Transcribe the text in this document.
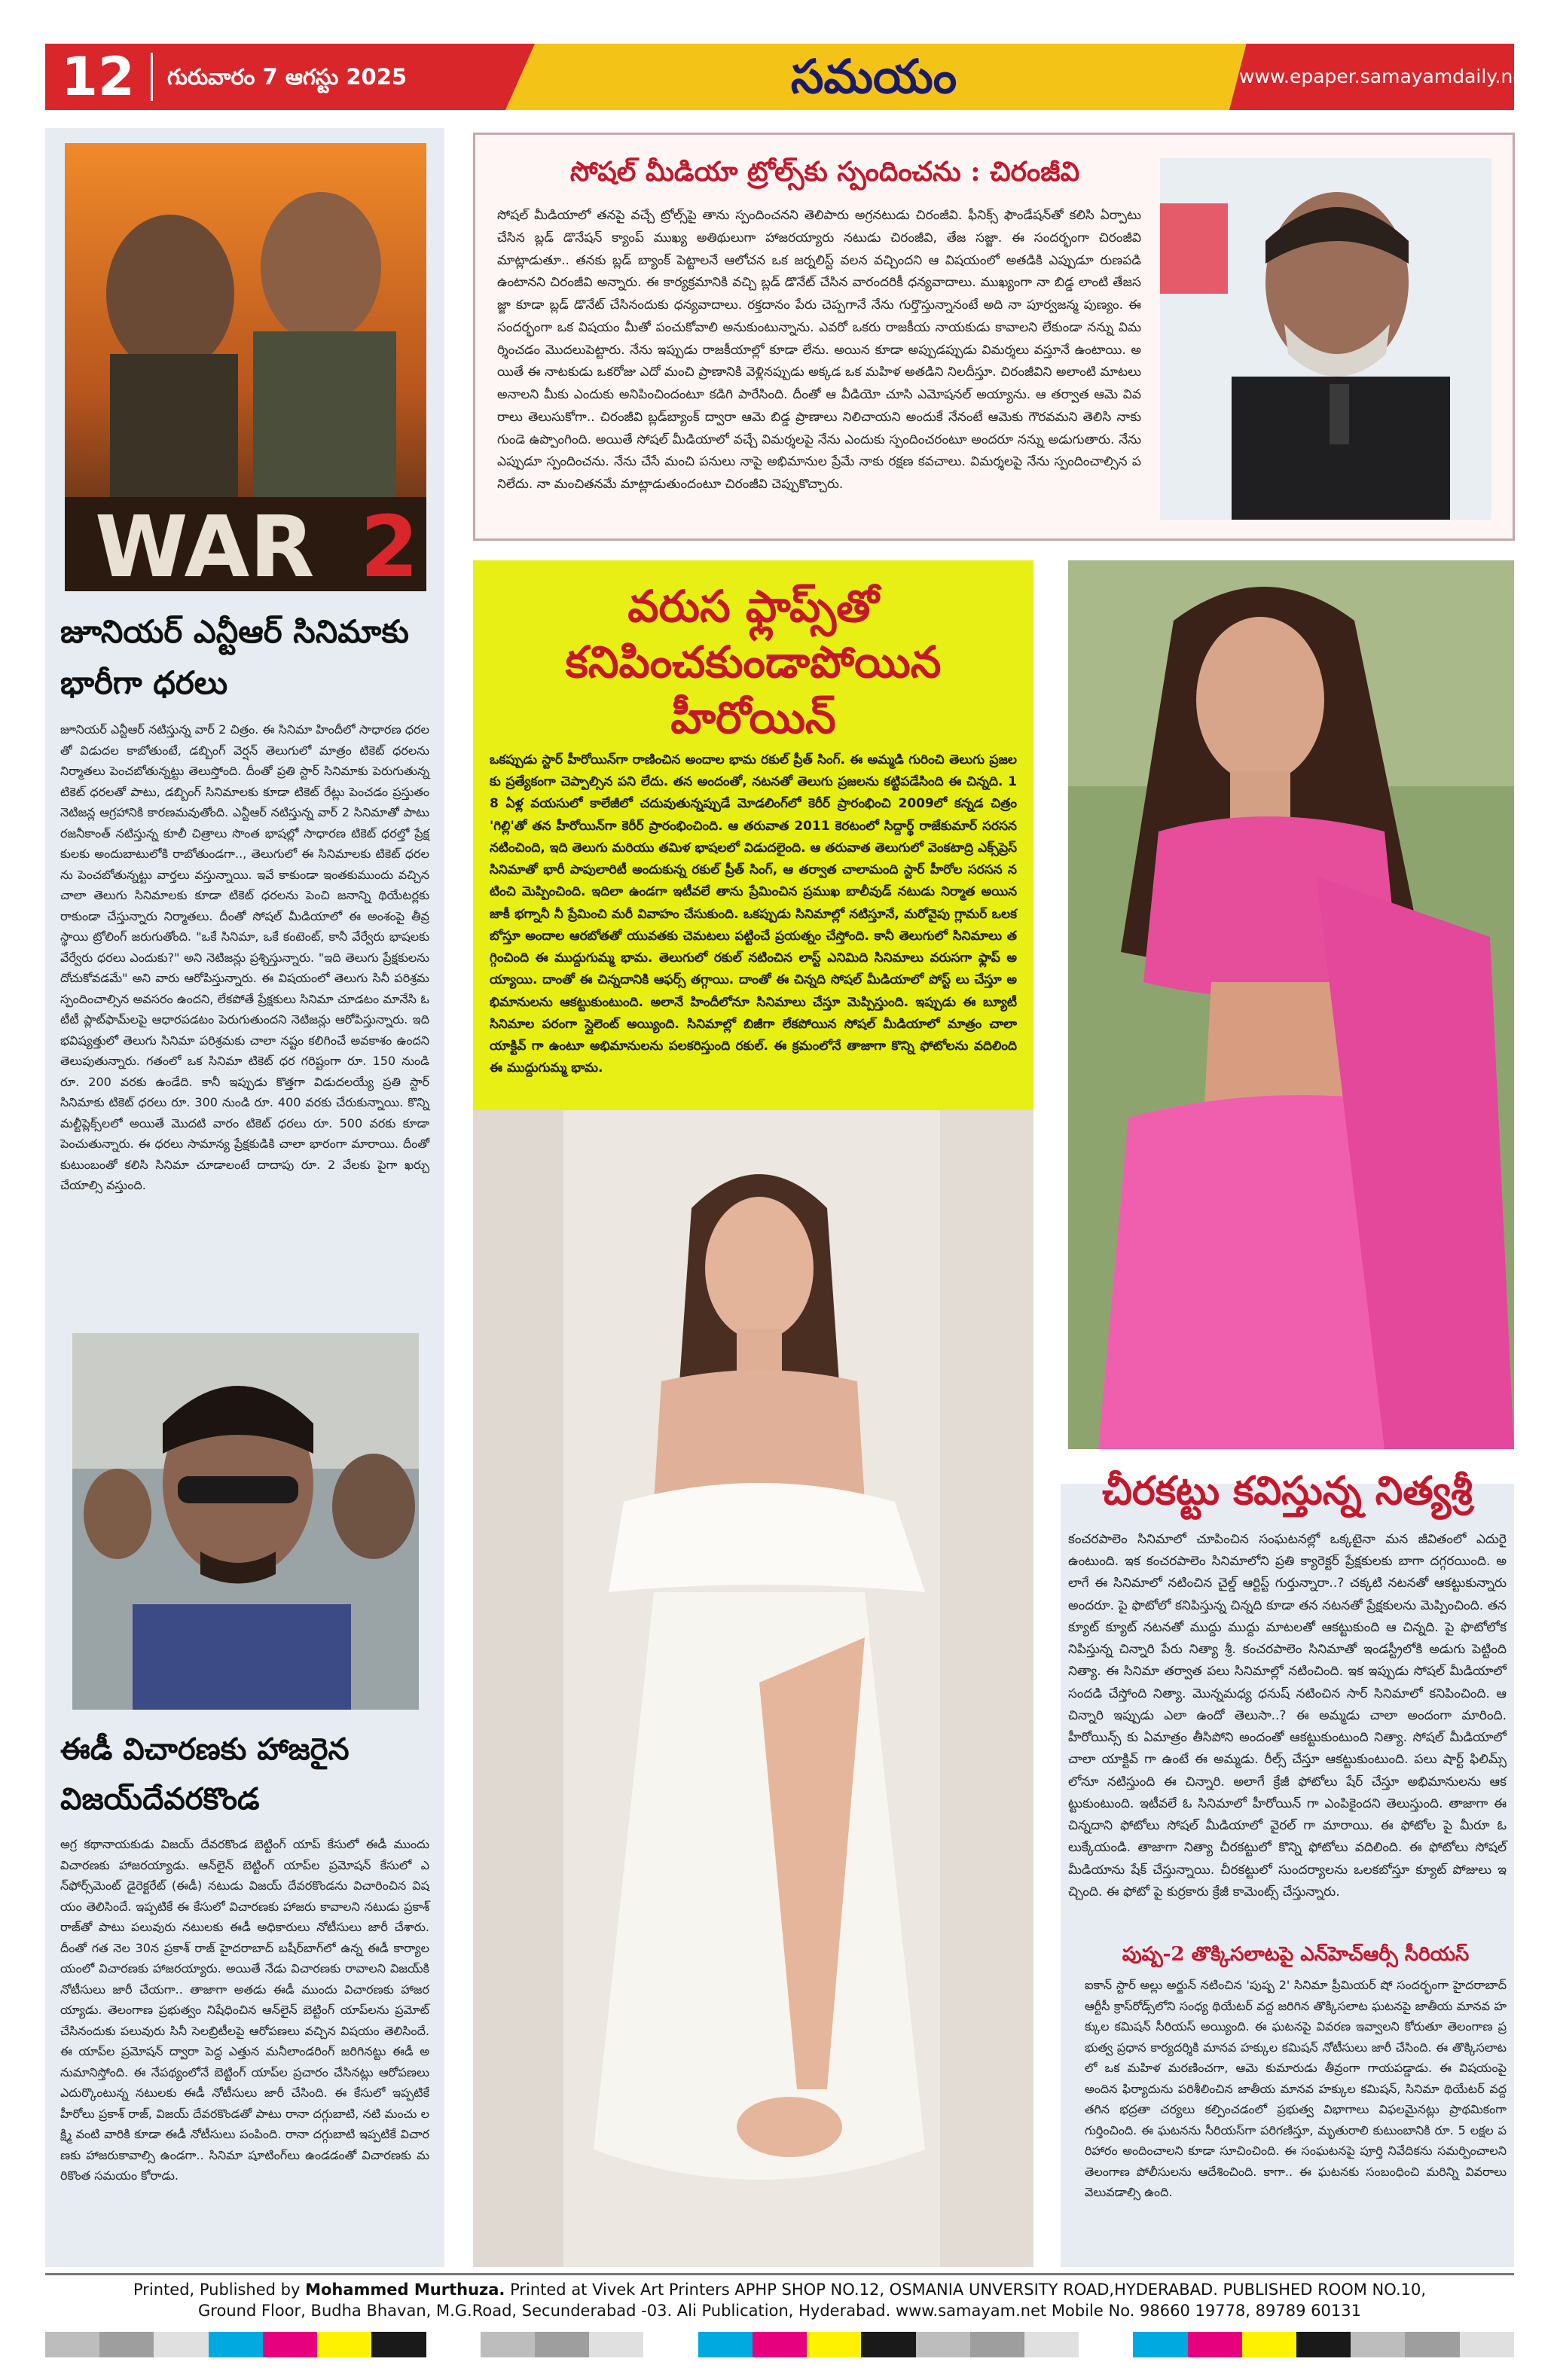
12	గురువారం 7 ఆగస్టు 2025	సమయం	www.epaper.samayamdaily.net
WAR 2
జూనియర్ ఎన్టీఆర్ సినిమాకు భారీగా ధరలు
జూనియర్ ఎన్టీఆర్ నటిస్తున్న వార్ 2 చిత్రం. ఈ సినిమా హిందీలో సాధారణ ధరలతో విడుదల కాబోతుంటే, డబ్బింగ్ వెర్షన్ తెలుగులో మాత్రం టికెట్ ధరలను నిర్మాతలు పెంచబోతున్నట్టు తెలుస్తోంది. దీంతో ప్రతి స్టార్ సినిమాకు పెరుగుతున్న టికెట్ ధరలతో పాటు, డబ్బింగ్ సినిమాలకు కూడా టికెట్ రేట్లు పెంచడం ప్రస్తుతం నెటిజన్ల ఆగ్రహానికి కారణమవుతోంది. ఎన్టీఆర్ నటిస్తున్న వార్ 2 సినిమాతో పాటు రజనీకాంత్ నటిస్తున్న కూలీ చిత్రాలు సొంత భాషల్లో సాధారణ టికెట్ ధరల్తో ప్రేక్షకులకు అందుబాటులోకి రాబోతుండగా.., తెలుగులో ఈ సినిమాలకు టికెట్ ధరలను పెంచబోతున్నట్టు వార్తలు వస్తున్నాయి. ఇవే కాకుండా ఇంతకుముందు వచ్చిన చాలా తెలుగు సినిమాలకు కూడా టికెట్ ధరలను పెంచి జనాన్ని థియేటర్లకు రాకుండా చేస్తున్నారు నిర్మాతలు. దీంతో సోషల్ మీడియాలో ఈ అంశంపై తీవ్రస్థాయి ట్రోలింగ్ జరుగుతోంది. "ఒకే సినిమా, ఒకే కంటెంట్, కానీ వేర్వేరు భాషలకు వేర్వేరు ధరలు ఎందుకు?" అని నెటిజన్లు ప్రశ్నిస్తున్నారు. "ఇది తెలుగు ప్రేక్షకులను దోచుకోవడమే" అని వారు ఆరోపిస్తున్నారు. ఈ విషయంలో తెలుగు సినీ పరిశ్రమ స్పందించాల్సిన అవసరం ఉందని, లేకపోతే ప్రేక్షకులు సినిమా చూడటం మానేసి ఓటీటీ ప్లాట్‌ఫామ్‌లపై ఆధారపడటం పెరుగుతుందని నెటిజన్లు ఆరోపిస్తున్నారు. ఇది భవిష్యత్తులో తెలుగు సినిమా పరిశ్రమకు చాలా నష్టం కలిగించే అవకాశం ఉందని తెలుపుతున్నారు. గతంలో ఒక సినిమా టికెట్ ధర గరిష్టంగా రూ. 150 నుండి రూ. 200 వరకు ఉండేది. కానీ ఇప్పుడు కొత్తగా విడుదలయ్యే ప్రతి స్టార్ సినిమాకు టికెట్ ధరలు రూ. 300 నుండి రూ. 400 వరకు చేరుకున్నాయి. కొన్ని మల్టీప్లెక్స్‌లలో అయితే మొదటి వారం టికెట్ ధరలు రూ. 500 వరకు కూడా పెంచుతున్నారు. ఈ ధరలు సామాన్య ప్రేక్షకుడికి చాలా భారంగా మారాయి. దీంతో కుటుంబంతో కలిసి సినిమా చూడాలంటే దాదాపు రూ. 2 వేలకు పైగా ఖర్చు చేయాల్సి వస్తుంది.
ఈడీ విచారణకు హాజరైన విజయ్‌దేవరకొండ
అగ్ర కథానాయకుడు విజయ్ దేవరకొండ బెట్టింగ్ యాప్ కేసులో ఈడీ ముందు విచారణకు హాజరయ్యాడు. ఆన్‌లైన్ బెట్టింగ్ యాప్‌ల ప్రమోషన్ కేసులో ఎన్‌ఫోర్స్‌మెంట్ డైరెక్టరేట్ (ఈడీ) నటుడు విజయ్ దేవరకొండను విచారించిన విషయం తెలిసిందే. ఇప్పటికే ఈ కేసులో విచారణకు హాజరు కావాలని నటుడు ప్రకాశ్ రాజ్‌తో పాటు పలువురు నటులకు ఈడీ అధికారులు నోటీసులు జారీ చేశారు. దీంతో గత నెల 30న ప్రకాశ్ రాజ్ హైదరాబాద్ బషీర్‌బాగ్‌లో ఉన్న ఈడీ కార్యాలయంలో విచారణకు హాజరయ్యారు. అయితే నేడు విచారణకు రావాలని విజయ్‌కి నోటీసులు జారీ చేయగా.. తాజాగా అతడు ఈడీ ముందు విచారణకు హాజరయ్యాడు. తెలంగాణ ప్రభుత్వం నిషేధించిన ఆన్‌లైన్ బెట్టింగ్ యాప్‌లను ప్రమోట్ చేసినందుకు పలువురు సినీ సెలబ్రిటీలపై ఆరోపణలు వచ్చిన విషయం తెలిసిందే. ఈ యాప్‌ల ప్రమోషన్ ద్వారా పెద్ద ఎత్తున మనీలాండరింగ్ జరిగినట్టు ఈడీ అనుమానిస్తోంది. ఈ నేపథ్యంలోనే బెట్టింగ్ యాప్‌ల ప్రచారం చేసినట్లు ఆరోపణలు ఎదుర్కొంటున్న నటులకు ఈడీ నోటీసులు జారీ చేసింది. ఈ కేసులో ఇప్పటికే హీరోలు ప్రకాశ్ రాజ్, విజయ్ దేవరకొండతో పాటు రానా దగ్గుబాటి, నటి మంచు లక్ష్మి వంటి వారికి కూడా ఈడీ నోటీసులు పంపింది. రానా దగ్గుబాటి ఇప్పటికే విచారణకు హాజరుకావాల్సి ఉండగా.. సినిమా షూటింగ్‌లు ఉండడంతో విచారణకు మరికొంత సమయం కోరాడు.
సోషల్ మీడియా ట్రోల్స్‌కు స్పందించను : చిరంజీవి
సోషల్ మీడియాలో తనపై వచ్చే ట్రోల్స్‌పై తాను స్పందించనని తెలిపారు అగ్రనటుడు చిరంజీవి. ఫీనిక్స్ ఫౌండేషన్‌తో కలిసి ఏర్పాటు చేసిన బ్లడ్ డొనేషన్ క్యాంప్‌ ముఖ్య అతిథులుగా హాజరయ్యారు నటుడు చిరంజీవి, తేజ సజ్జా. ఈ సందర్భంగా చిరంజీవి మాట్లాడుతూ.. తనకు బ్లడ్ బ్యాంక్ పెట్టాలనే ఆలోచన ఒక జర్నలిస్ట్ వలన వచ్చిందని ఆ విషయంలో అతడికి ఎప్పుడూ రుణపడి ఉంటానని చిరంజీవి అన్నారు. ఈ కార్యక్రమానికి వచ్చి బ్లడ్ డొనేట్ చేసిన వారందరికీ ధన్యవాదాలు. ముఖ్యంగా నా బిడ్డ లాంటి తేజసజ్జా కూడా బ్లడ్ డొనేట్ చేసినందుకు ధన్యవాదాలు. రక్తదానం పేరు చెప్పగానే నేను గుర్తొస్తున్నానంటే అది నా పూర్వజన్మ పుణ్యం. ఈ సందర్భంగా ఒక విషయం మీతో పంచుకోవాలి అనుకుంటున్నాను. ఎవరో ఒకరు రాజకీయ నాయకుడు కావాలని లేకుండా నన్ను విమర్శించడం మొదలుపెట్టారు. నేను ఇప్పుడు రాజకీయాల్లో కూడా లేను. అయిన కూడా అప్పుడప్పుడు విమర్శలు వస్తూనే ఉంటాయి. అయితే ఈ నాటకుడు ఒకరోజు ఎదో మంచి ప్రాణానికి వెళ్లినప్పుడు అక్కడ ఒక మహిళ అతడిని నిలదీస్తూ. చిరంజీవిని అలాంటి మాటలు అనాలని మీకు ఎందుకు అనిపించిందంటూ కడిగి పారేసింది. దీంతో ఆ వీడియో చూసి ఎమోషనల్ అయ్యాను. ఆ తర్వాత ఆమె వివరాలు తెలుసుకోగా.. చిరంజీవి బ్లడ్‌బ్యాంక్ ద్వారా ఆమె బిడ్డ ప్రాణాలు నిలిచాయని అందుకే నేనంటే ఆమెకు గౌరవమని తెలిసి నాకు గుండె ఉప్పొంగింది. అయితే సోషల్ మీడియాలో వచ్చే విమర్శలపై నేను ఎందుకు స్పందించరంటూ అందరూ నన్ను అడుగుతారు. నేను ఎప్పుడూ స్పందించను. నేను చేసే మంచి పనులు నాపై అభిమానుల ప్రేమే నాకు రక్షణ కవచాలు. విమర్శలపై నేను స్పందించాల్సిన పనిలేదు. నా మంచితనమే మాట్లాడుతుందంటూ చిరంజీవి చెప్పుకొచ్చారు.
వరుస ఫ్లాప్స్‌తో కనిపించకుండాపోయిన హీరోయిన్
ఒకప్పుడు స్టార్ హీరోయిన్‌గా రాణించిన అందాల భామ రకుల్ ప్రీత్ సింగ్. ఈ అమ్మడి గురించి తెలుగు ప్రజలకు ప్రత్యేకంగా చెప్పాల్సిన పని లేదు. తన అందంతో, నటనతో తెలుగు ప్రజలను కట్టిపడేసింది ఈ చిన్నది. 18 ఏళ్ల వయసులో కాలేజీలో చదువుతున్నప్పుడే మోడలింగ్‌లో కెరీర్ ప్రారంభించి 2009లో కన్నడ చిత్రం 'గిల్లి'తో తన హీరోయిన్‌గా కెరీర్ ప్రారంభించింది. ఆ తరువాత 2011 కెరటంలో సిద్దార్థ్ రాజేకుమార్ సరసన నటించింది, ఇది తెలుగు మరియు తమిళ భాషలలో విడుదలైంది. ఆ తరువాత తెలుగులో వెంకటాద్రి ఎక్స్‌ప్రెస్ సినిమాతో భారీ పాపులారిటీ అందుకున్న రకుల్ ప్రీత్ సింగ్, ఆ తర్వాత చాలామంది స్టార్ హీరోల సరసన నటించి మెప్పించింది. ఇదిలా ఉండగా ఇటీవలే తాను ప్రేమించిన ప్రముఖ బాలీవుడ్ నటుడు నిర్మాత అయిన జాకీ భగ్నానీ నీ ప్రేమించి మరీ వివాహం చేసుకుంది. ఒకప్పుడు సినిమాల్లో నటిస్తూనే, మరోవైపు గ్లామర్ ఒలకబోస్తూ అందాల ఆరబోతతో యువతకు చెమటలు పట్టించే ప్రయత్నం చేస్తోంది. కానీ తెలుగులో సినిమాలు తగ్గించింది ఈ ముద్దుగుమ్మ భామ. తెలుగులో రకుల్ నటించిన లాస్ట్ ఎనిమిది సినిమాలు వరుసగా ఫ్లాప్ అయ్యాయి. దాంతో ఈ చిన్నదానికి ఆఫర్స్ తగ్గాయి. దాంతో ఈ చిన్నది సోషల్ మీడియాలో పోస్ట్ లు చేస్తూ అభిమానులను ఆకట్టుకుంటుంది. అలానే హిందీలోనూ సినిమాలు చేస్తూ మెప్పిస్తుంది. ఇప్పుడు ఈ బ్యూటీ సినిమాల పరంగా స్లైలెంట్ అయ్యింది. సినిమాల్లో బిజీగా లేకపోయిన సోషల్ మీడియాలో మాత్రం చాలా యాక్టివ్ గా ఉంటూ అభిమానులను పలకరిస్తుంది రకుల్. ఈ క్రమంలోనే తాజాగా కొన్ని ఫోటోలను వదిలింది ఈ ముద్దుగుమ్మ భామ.
చీరకట్టు కవిస్తున్న నిత్యశ్రీ
కంచరపాలెం సినిమాలో చూపించిన సంఘటనల్లో ఒక్కటైనా మన జీవితంలో ఎదురై ఉంటుంది. ఇక కంచరపాలెం సినిమాలోని ప్రతి క్యారెక్టర్ ప్రేక్షకులకు బాగా దగ్గరయింది. అలాగే ఈ సినిమాలో నటించిన చైల్డ్ ఆర్టిస్ట్ గుర్తున్నారా..? చక్కటి నటనతో ఆకట్టుకున్నారు అందరూ. పై ఫొటోలో కనిపిస్తున్న చిన్నది కూడా తన నటనతో ప్రేక్షకులను మెప్పించింది. తన క్యూట్ క్యూట్ నటనతో ముద్దు ముద్దు మాటలతో ఆకట్టుకుంది ఆ చిన్నది. పై ఫొటోలోకనిపిస్తున్న చిన్నారి పేరు నిత్యా శ్రీ. కంచరపాలెం సినిమాతో ఇండస్ట్రీలోకి అడుగు పెట్టింది నిత్యా. ఈ సినిమా తర్వాత పలు సినిమాల్లో నటించింది. ఇక ఇప్పుడు సోషల్ మీడియాలో సందడి చేస్తోంది నిత్యా. మొన్నమధ్య ధనుష్ నటించిన సార్ సినిమాలో కనిపించింది. ఆ చిన్నారి ఇప్పుడు ఎలా ఉందో తెలుసా..? ఈ అమ్మడు చాలా అందంగా మారింది. హీరోయిన్స్ కు ఏమాత్రం తీసిపోని అందంతో ఆకట్టుకుంటుంది నిత్యా. సోషల్ మీడియాలో చాలా యాక్టివ్ గా ఉంటే ఈ అమ్మడు. రీల్స్ చేస్తూ ఆకట్టుకుంటుంది. పలు షార్ట్ ఫిలిమ్స్ లోనూ నటిస్తుంది ఈ చిన్నారి. అలాగే క్రేజీ ఫోటోలు షేర్ చేస్తూ అభిమానులను ఆకట్టుకుంటుంది. ఇటీవలే ఓ సినిమాలో హీరోయిన్ గా ఎంపికైందని తెలుస్తుంది. తాజాగా ఈ చిన్నదాని ఫోటోలు సోషల్ మీడియాలో వైరల్ గా మారాయి. ఈ ఫోటోల పై మీరూ ఓ లుక్కేయండి. తాజాగా నిత్యా చీరకట్టులో కొన్ని ఫోటోలు వదిలింది. ఈ ఫోటోలు సోషల్ మీడియాను షేక్ చేస్తున్నాయి. చీరకట్టులో సుందర్యాలను ఒలకబోస్తూ క్యూట్ పోజులు ఇచ్చింది. ఈ ఫోటో పై కుర్రకారు క్రేజీ కామెంట్స్ చేస్తున్నారు.
పుష్ప-2 తొక్కిసలాటపై ఎన్‌హెచ్‌ఆర్సీ సీరియస్
ఐకాన్ స్టార్ అల్లు అర్జున్ నటించిన 'పుష్ప 2' సినిమా ప్రీమియర్ షో సందర్భంగా హైదరాబాద్ ఆర్టీసీ క్రాస్‌రోడ్స్‌లోని సంధ్య థియేటర్ వద్ద జరిగిన తొక్కిసలాట ఘటనపై జాతీయ మానవ హక్కుల కమిషన్ సీరియస్ అయ్యింది. ఈ ఘటనపై వివరణ ఇవ్వాలని కోరుతూ తెలంగాణ ప్రభుత్వ ప్రధాన కార్యదర్శికి మానవ హక్కుల కమిషన్ నోటీసులు జారీ చేసింది. ఈ తొక్కిసలాటలో ఒక మహిళ మరణించగా, ఆమె కుమారుడు తీవ్రంగా గాయపడ్డాడు. ఈ విషయంపై అందిన ఫిర్యాదును పరిశీలించిన జాతీయ మానవ హక్కుల కమిషన్, సినిమా థియేటర్ వద్ద తగిన భద్రతా చర్యలు కల్పించడంలో ప్రభుత్వ విభాగాలు విఫలమైనట్లు ప్రాథమికంగా గుర్తించింది. ఈ ఘటనను సీరియస్‌గా పరిగణిస్తూ, మృతురాలి కుటుంబానికి రూ. 5 లక్షల పరిహారం అందించాలని కూడా సూచించింది. ఈ సంఘటనపై పూర్తి నివేదికను సమర్పించాలని తెలంగాణ పోలీసులను ఆదేశించింది. కాగా.. ఈ ఘటనకు సంబంధించి మరిన్ని వివరాలు వెలువడాల్సి ఉంది.
Printed, Published by Mohammed Murthuza. Printed at Vivek Art Printers APHP SHOP NO.12, OSMANIA UNVERSITY ROAD,HYDERABAD. PUBLISHED ROOM NO.10,
Ground Floor, Budha Bhavan, M.G.Road, Secunderabad -03. Ali Publication, Hyderabad. www.samayam.net Mobile No. 98660 19778, 89789 60131
